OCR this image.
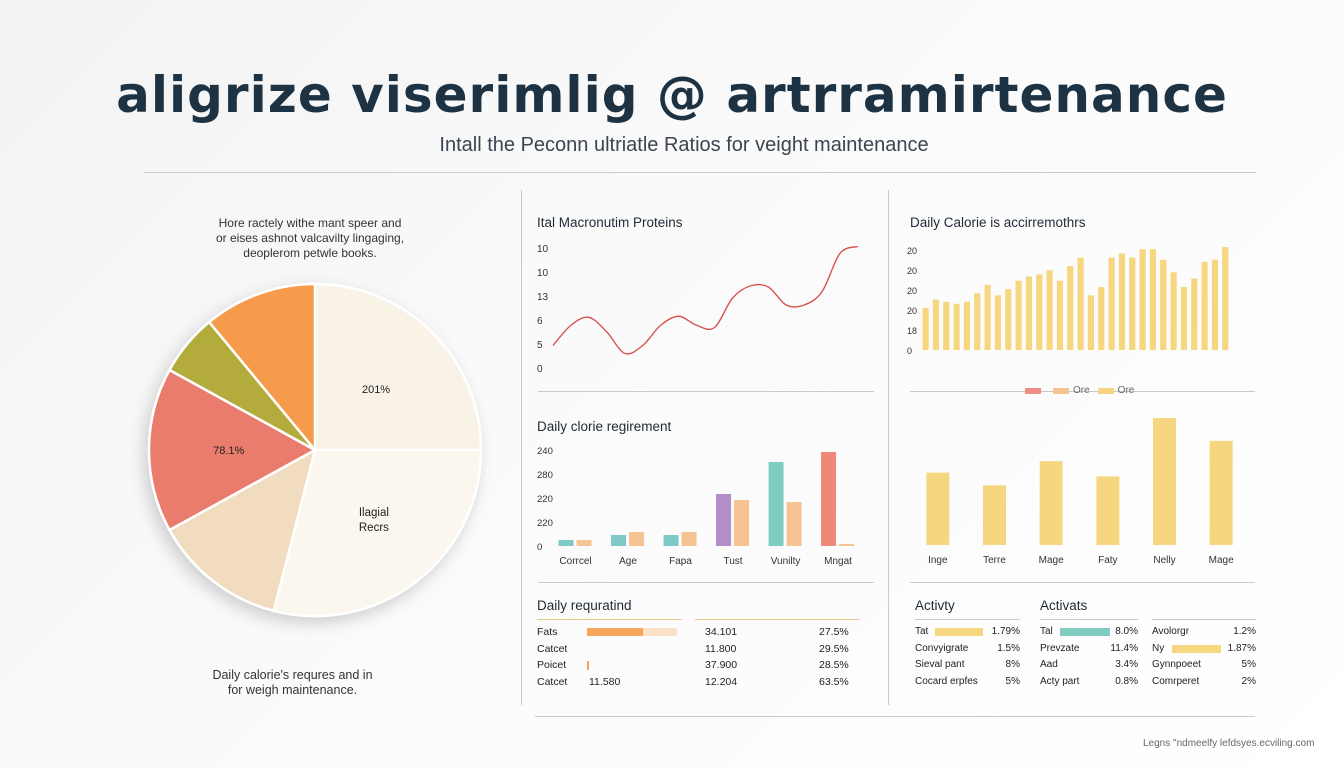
aligrize viserimlig @ artrramirtenance
Intall the Peconn ultriatle Ratios for veight maintenance
Hore ractely withe mant speer and
or eises ashnot valcavilty lingaging,
deoplerom petwle books.
201%
Ilagial
Recrs
78.1%
Daily calorie's requres and in
for weigh maintenance.
Ital Macronutim Proteins	Daily Calorie is accirremothrs
Daily clorie regirement
10
10
13
6
5
0
20
20
20
20
18
0
Ore	Ore
240
280
220
220
0
Corrcel	Age	Fapa	Tust	Vunilty Mngat	Inge	Terre	Mage	Faty	Nelly	Mage
Daily requratind
Fats	34.101	27.5%
Catcet	11.800	29.5%
Poicet	37.900	28.5%
Catcet 11.580	12.204	63.5%
Activty
Tat	1.79%
Convyigrate	1.5%
Sieval pant	8%
Cocard erpfes	5%
Activats
Tal	8.0%
Prevzate	11.4%
Aad	3.4%
Acty part	0.8%
Avolorgr	1.2%
Ny	1.87%
Gynnpoeet	5%
Comrperet	2%
Legns "ndmeelfy lefdsyes.ecviling.com
